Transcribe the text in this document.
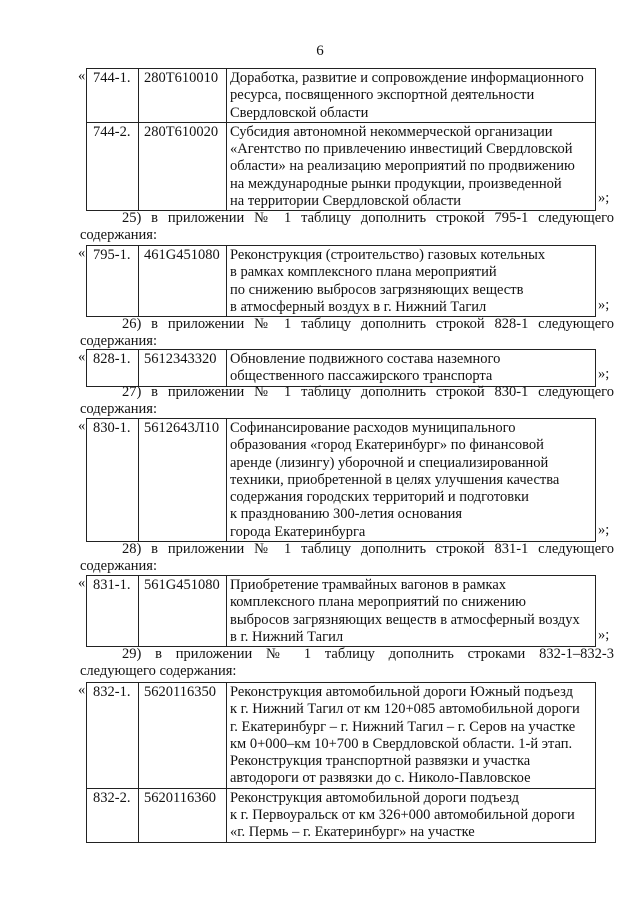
6
« 744-1. 280Т610010 Доработка, развитие и сопровождение информационного
ресурса, посвященного экспортной деятельности
Свердловской области
744-2. 280Т610020 Субсидия автономной некоммерческой организации
«Агентство по привлечению инвестиций Свердловской
области» на реализацию мероприятий по продвижению
на международные рынки продукции, произведенной
на территории Свердловской области	»;
25) в приложении № 1 таблицу дополнить строкой 795-1 следующего
содержания:
« 795-1. 461G451080 Реконструкция (строительство) газовых котельных
в рамках комплексного плана мероприятий
по снижению выбросов загрязняющих веществ
в атмосферный воздух в г. Нижний Тагил	»;
26) в приложении № 1 таблицу дополнить строкой 828-1 следующего
содержания:
« 828-1. 5612343320 Обновление подвижного состава наземного
общественного пассажирского транспорта	»;
27) в приложении № 1 таблицу дополнить строкой 830-1 следующего
содержания:
« 830-1. 5612643Л10 Софинансирование расходов муниципального
образования «город Екатеринбург» по финансовой
аренде (лизингу) уборочной и специализированной
техники, приобретенной в целях улучшения качества
содержания городских территорий и подготовки
к празднованию 300-летия основания
города Екатеринбурга	»;
28) в приложении № 1 таблицу дополнить строкой 831-1 следующего
содержания:
« 831-1. 561G451080 Приобретение трамвайных вагонов в рамках
комплексного плана мероприятий по снижению
выбросов загрязняющих веществ в атмосферный воздух
в г. Нижний Тагил	»;
29) в приложении № 1 таблицу дополнить строками 832-1–832-3
следующего содержания:
« 832-1. 5620116350 Реконструкция автомобильной дороги Южный подъезд
к г. Нижний Тагил от км 120+085 автомобильной дороги
г. Екатеринбург – г. Нижний Тагил – г. Серов на участке
км 0+000–км 10+700 в Свердловской области. 1-й этап.
Реконструкция транспортной развязки и участка
автодороги от развязки до с. Николо-Павловское
832-2. 5620116360 Реконструкция автомобильной дороги подъезд
к г. Первоуральск от км 326+000 автомобильной дороги
«г. Пермь – г. Екатеринбург» на участке
